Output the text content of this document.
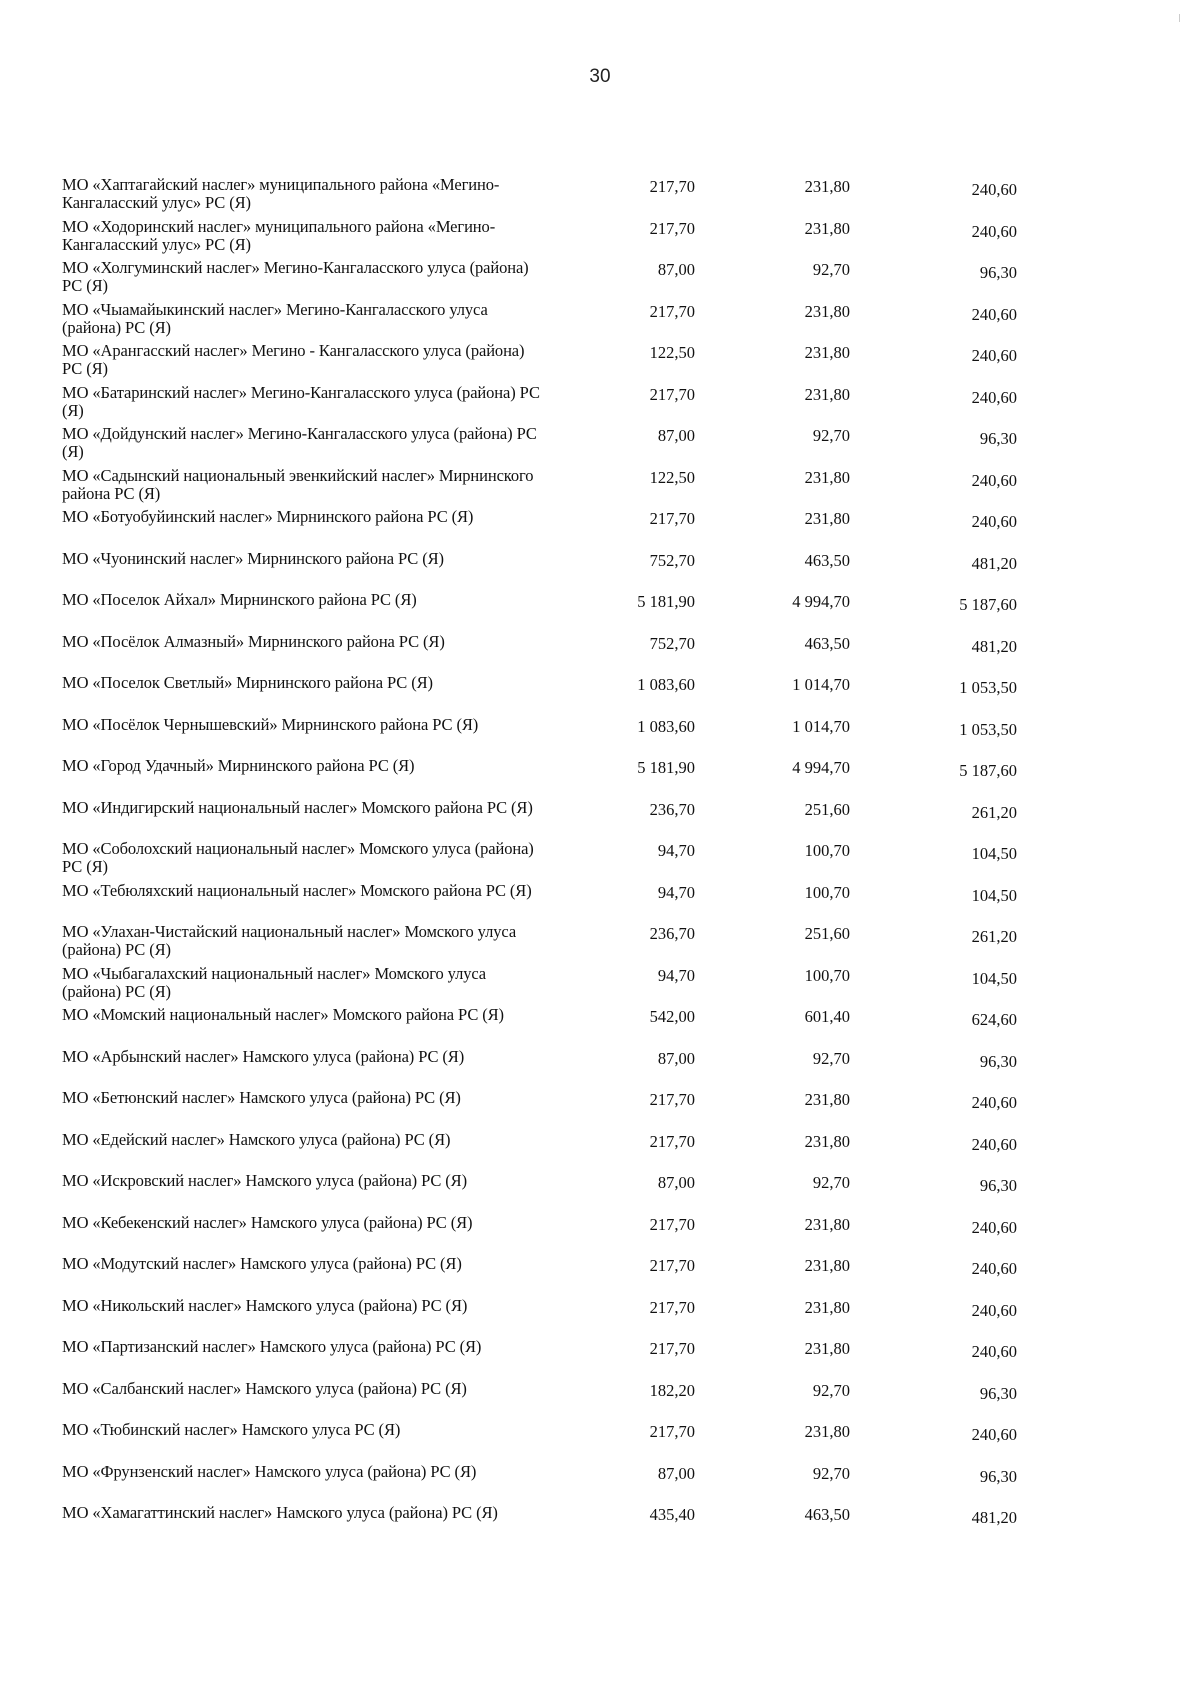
30
МО «Хаптагайский наслег» муниципального района «Мегино-Кангаласский улус» РС (Я)
217,70	231,80	240,60
МО «Ходоринский наслег» муниципального района «Мегино-Кангаласский улус» РС (Я)
217,70	231,80	240,60
МО «Холгуминский наслег» Мегино-Кангаласского улуса (района) РС (Я)
87,00	92,70	96,30
МО «Чыамайыкинский наслег» Мегино-Кангаласского улуса (района) РС (Я)
217,70	231,80	240,60
МО «Арангасский наслег» Мегино - Кангаласского улуса (района) РС (Я)
122,50	231,80	240,60
МО «Батаринский наслег» Мегино-Кангаласского улуса (района) РС (Я)
217,70	231,80	240,60
МО «Дойдунский наслег» Мегино-Кангаласского улуса (района) РС (Я)
87,00	92,70	96,30
МО «Садынский национальный эвенкийский наслег» Мирнинского района РС (Я)
122,50	231,80	240,60
МО «Ботуобуйинский наслег» Мирнинского района РС (Я)	217,70	231,80	240,60
МО «Чуонинский наслег» Мирнинского района РС (Я)	752,70	463,50	481,20
МО «Поселок Айхал» Мирнинского района РС (Я)	5 181,90	4 994,70	5 187,60
МО «Посёлок Алмазный» Мирнинского района РС (Я)	752,70	463,50	481,20
МО «Поселок Светлый» Мирнинского района РС (Я)	1 083,60	1 014,70	1 053,50
МО «Посёлок Чернышевский» Мирнинского района РС (Я)	1 083,60	1 014,70	1 053,50
МО «Город Удачный» Мирнинского района РС (Я)	5 181,90	4 994,70	5 187,60
МО «Индигирский национальный наслег» Момского района РС (Я)	236,70	251,60	261,20
МО «Соболохский национальный наслег» Момского улуса (района) РС (Я)
94,70	100,70	104,50
МО «Тебюляхский национальный наслег» Момского района РС (Я)	94,70	100,70	104,50
МО «Улахан-Чистайский национальный наслег» Момского улуса (района) РС (Я)
236,70	251,60	261,20
МО «Чыбагалахский национальный наслег» Момского улуса (района) РС (Я)
94,70	100,70	104,50
МО «Момский национальный наслег» Момского района РС (Я)	542,00	601,40	624,60
МО «Арбынский наслег» Намского улуса (района) РС (Я)	87,00	92,70	96,30
МО «Бетюнский наслег» Намского улуса (района) РС (Я)	217,70	231,80	240,60
МО «Едейский наслег» Намского улуса (района) РС (Я)	217,70	231,80	240,60
МО «Искровский наслег» Намского улуса (района) РС (Я)	87,00	92,70	96,30
МО «Кебекенский наслег» Намского улуса (района) РС (Я)	217,70	231,80	240,60
МО «Модутский наслег» Намского улуса (района) РС (Я)	217,70	231,80	240,60
МО «Никольский наслег» Намского улуса (района) РС (Я)	217,70	231,80	240,60
МО «Партизанский наслег» Намского улуса (района) РС (Я)	217,70	231,80	240,60
МО «Салбанский наслег» Намского улуса (района) РС (Я)	182,20	92,70	96,30
МО «Тюбинский наслег» Намского улуса РС (Я)	217,70	231,80	240,60
МО «Фрунзенский наслег» Намского улуса (района) РС (Я)	87,00	92,70	96,30
МО «Хамагаттинский наслег» Намского улуса (района) РС (Я)	435,40	463,50	481,20
